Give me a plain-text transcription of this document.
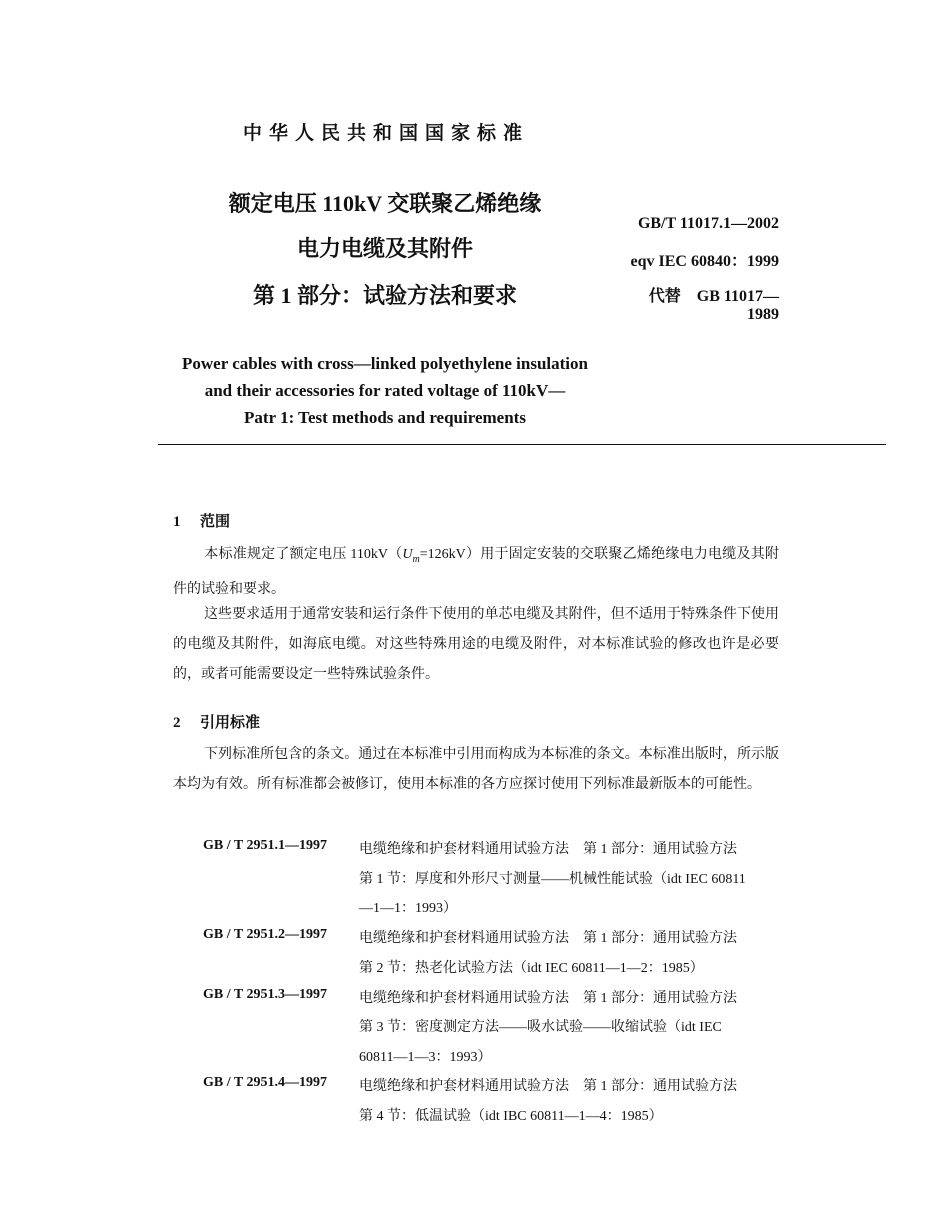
中华人民共和国国家标准
额定电压 110kV 交联聚乙烯绝缘
电力电缆及其附件
第 1 部分：试验方法和要求
GB/T 11017.1—2002
eqv IEC 60840：1999
代替　GB 11017—
1989
Power cables with cross—linked polyethylene insulation
and their accessories for rated voltage of 110kV—
Patr 1: Test methods and requirements
1 范围
本标准规定了额定电压 $110kV(U_m=126kV)$用于固定安装的交联聚乙烯绝缘电力电缆及其附件的试验和要求。
这些要求适用于通常安装和运行条件下使用的单芯电缆及其附件，但不适用于特殊条件下使用的电缆及其附件，如海底电缆。对这些特殊用途的电缆及附件，对本标准试验的修改也许是必要的，或者可能需要设定一些特殊试验条件。
2 引用标准
下列标准所包含的条文。通过在本标准中引用而构成为本标准的条文。本标准出版时，所示版本均为有效。所有标准都会被修订，使用本标准的各方应探讨使用下列标准最新版本的可能性。
GB / T 2951.1—1997 电缆绝缘和护套材料通用试验方法　第 1 部分：通用试验方法
第 1 节：厚度和外形尺寸测量——机械性能试验（idt IEC 60811
—1—1：1993）
GB / T 2951.2—1997 电缆绝缘和护套材料通用试验方法　第 1 部分：通用试验方法
第 2 节：热老化试验方法（idt IEC 60811—1—2：1985）
GB / T 2951.3—1997 电缆绝缘和护套材料通用试验方法　第 1 部分：通用试验方法
第 3 节：密度测定方法——吸水试验——收缩试验（idt IEC
60811—1—3：1993）
GB / T 2951.4—1997 电缆绝缘和护套材料通用试验方法　第 1 部分：通用试验方法
第 4 节：低温试验（idt IBC 60811—1—4：1985）
